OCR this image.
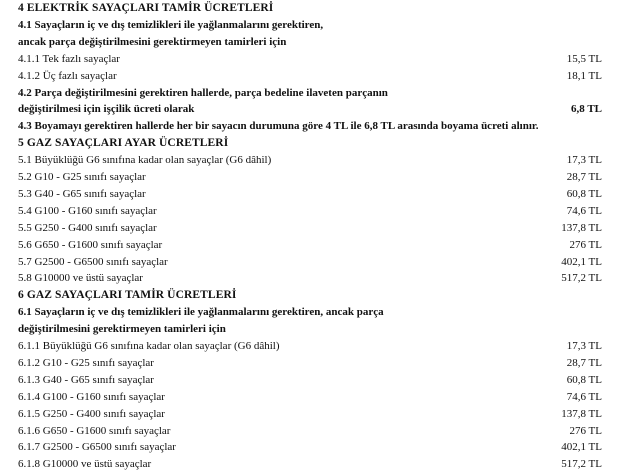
4 ELEKTRİK SAYAÇLARI TAMİR ÜCRETLERİ
4.1 Sayaçların iç ve dış temizlikleri ile yağlanmalarını gerektiren,
ancak parça değiştirilmesini gerektirmeyen tamirleri için
4.1.1 Tek fazlı sayaçlar	15,5 TL
4.1.2 Üç fazlı sayaçlar	18,1 TL
4.2 Parça değiştirilmesini gerektiren hallerde, parça bedeline ilaveten parçanın
değiştirilmesi için işçilik ücreti olarak	6,8 TL
4.3 Boyamayı gerektiren hallerde her bir sayacın durumuna göre 4 TL ile 6,8 TL arasında boyama ücreti alınır.
5 GAZ SAYAÇLARI AYAR ÜCRETLERİ
5.1 Büyüklüğü G6 sınıfına kadar olan sayaçlar (G6 dâhil)	17,3 TL
5.2 G10 - G25 sınıfı sayaçlar	28,7 TL
5.3 G40 - G65 sınıfı sayaçlar	60,8 TL
5.4 G100 - G160 sınıfı sayaçlar	74,6 TL
5.5 G250 - G400 sınıfı sayaçlar	137,8 TL
5.6 G650 - G1600 sınıfı sayaçlar	276 TL
5.7 G2500 - G6500 sınıfı sayaçlar	402,1 TL
5.8 G10000 ve üstü sayaçlar	517,2 TL
6 GAZ SAYAÇLARI TAMİR ÜCRETLERİ
6.1 Sayaçların iç ve dış temizlikleri ile yağlanmalarını gerektiren, ancak parça
değiştirilmesini gerektirmeyen tamirleri için
6.1.1 Büyüklüğü G6 sınıfına kadar olan sayaçlar (G6 dâhil)	17,3 TL
6.1.2 G10 - G25 sınıfı sayaçlar	28,7 TL
6.1.3 G40 - G65 sınıfı sayaçlar	60,8 TL
6.1.4 G100 - G160 sınıfı sayaçlar	74,6 TL
6.1.5 G250 - G400 sınıfı sayaçlar	137,8 TL
6.1.6 G650 - G1600 sınıfı sayaçlar	276 TL
6.1.7 G2500 - G6500 sınıfı sayaçlar	402,1 TL
6.1.8 G10000 ve üstü sayaçlar	517,2 TL
